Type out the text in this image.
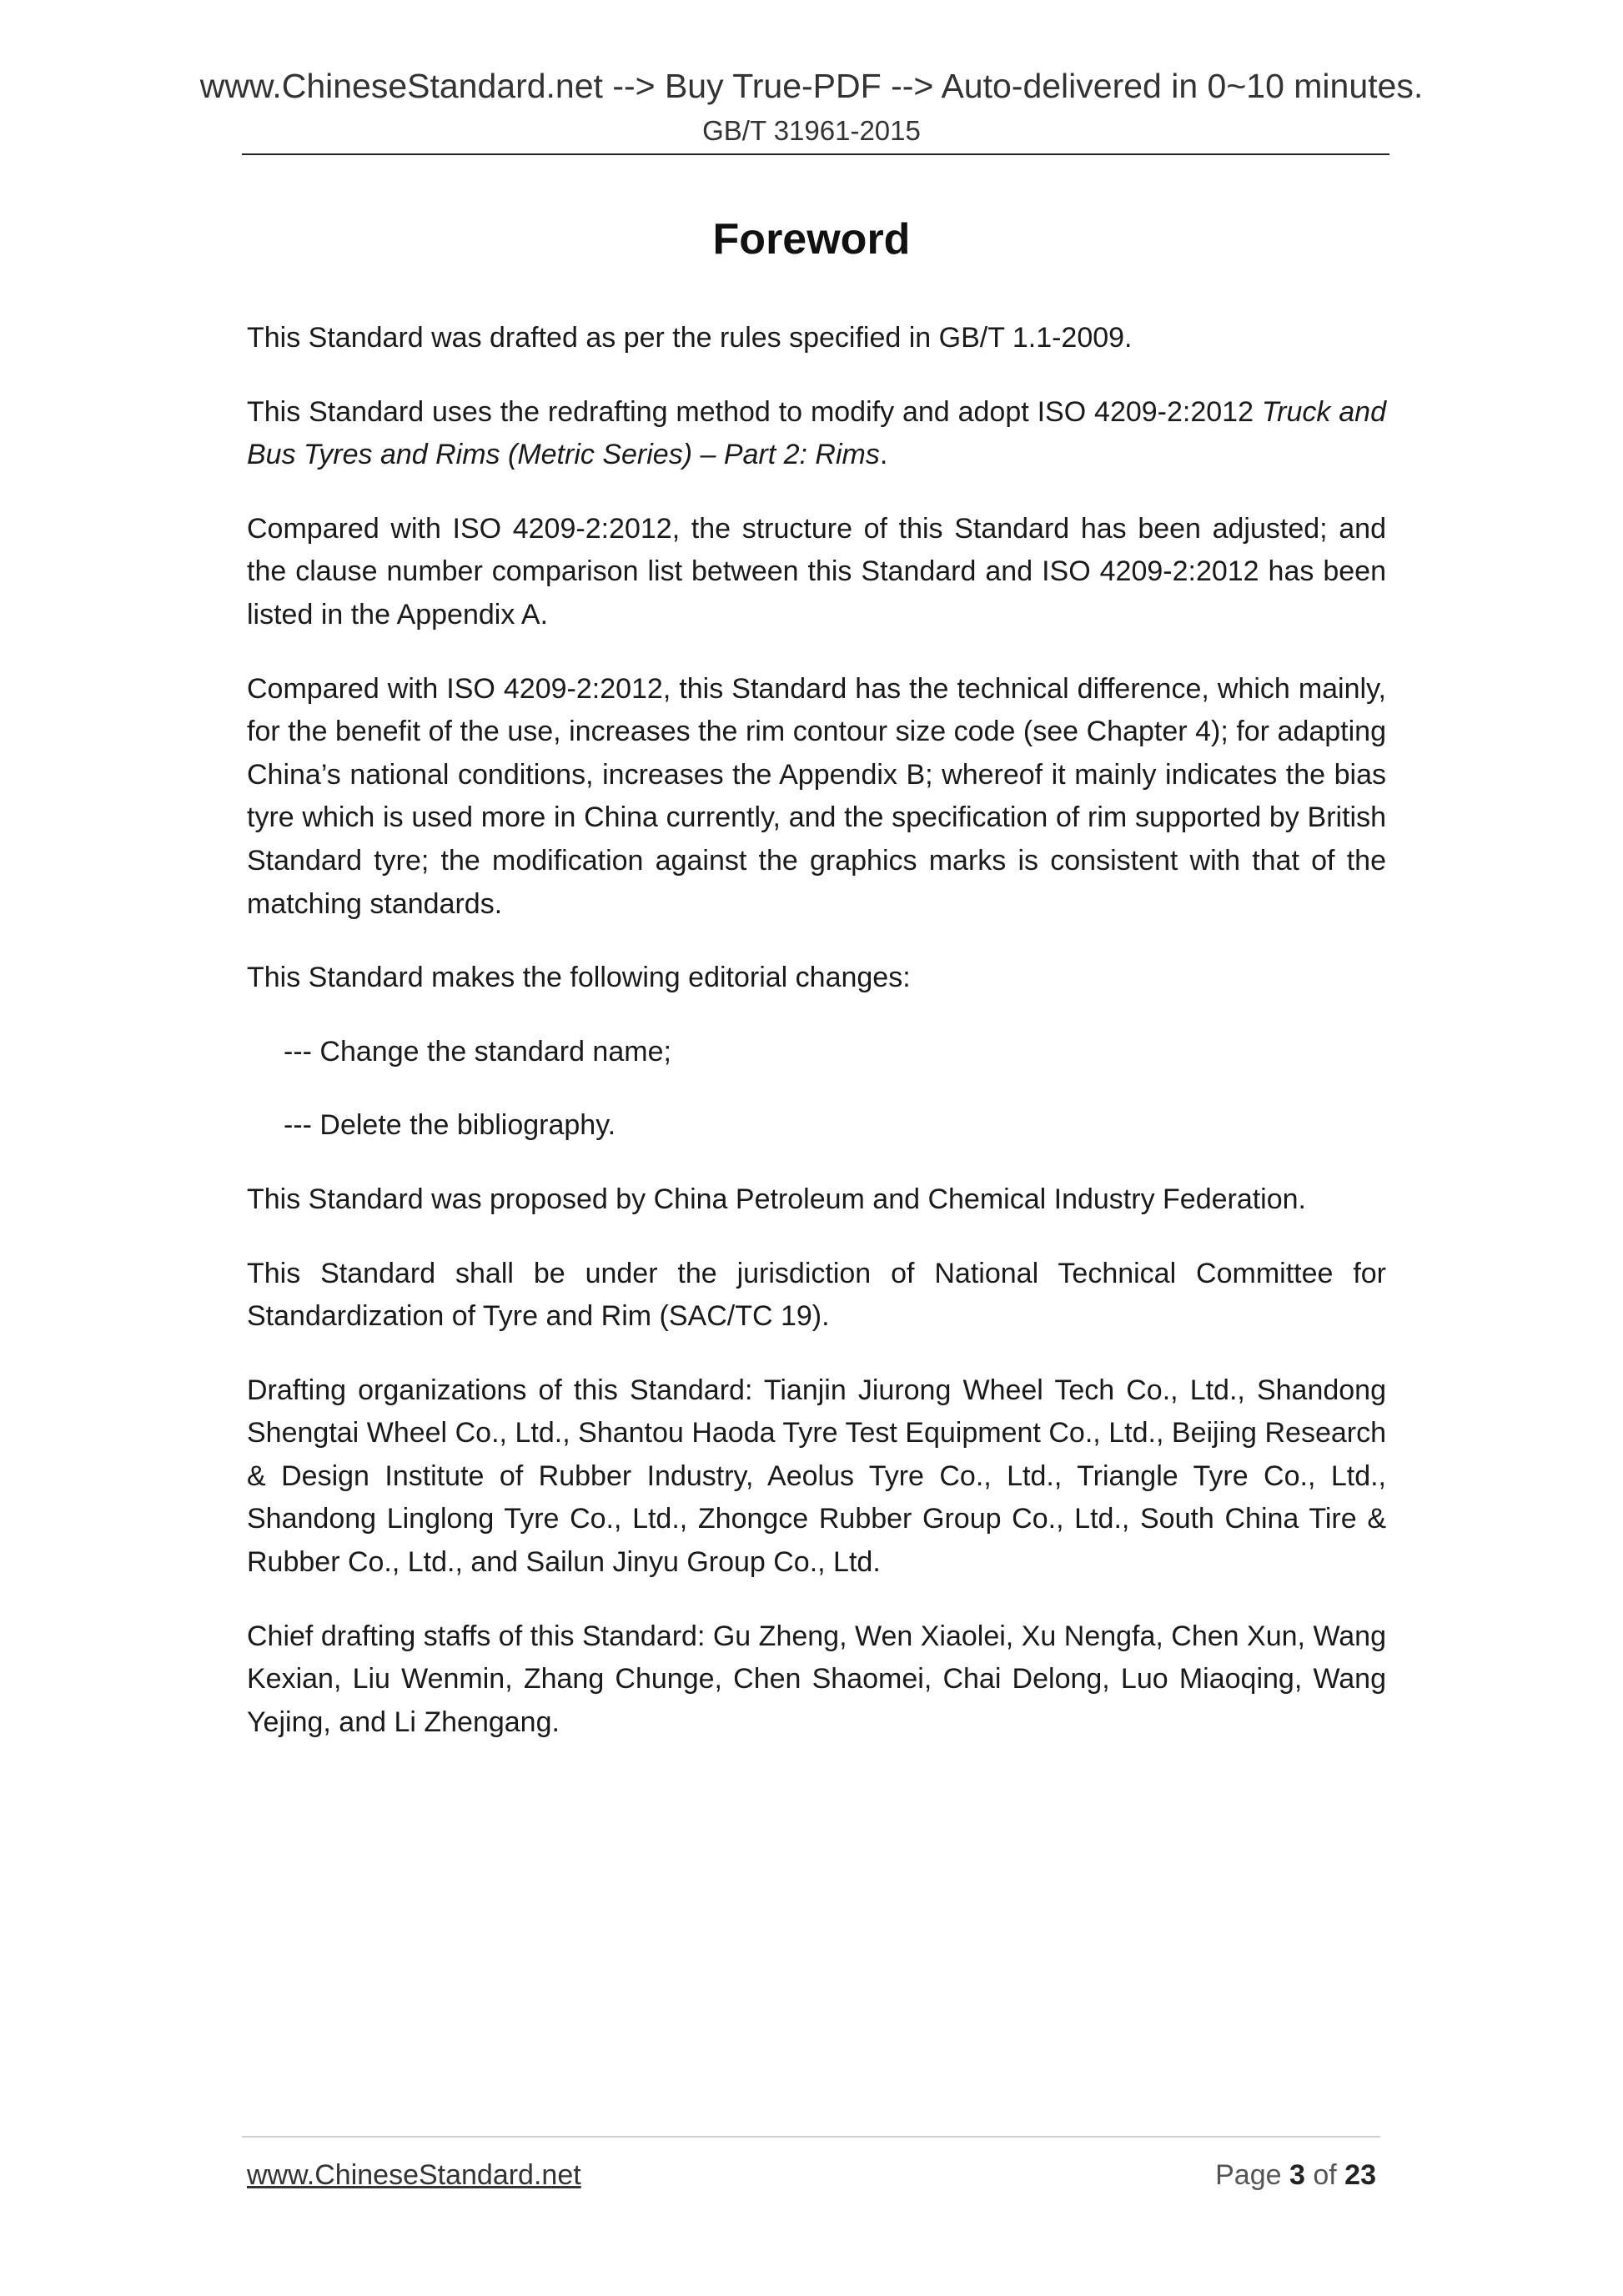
www.ChineseStandard.net --> Buy True-PDF --> Auto-delivered in 0~10 minutes.
GB/T 31961-2015
Foreword

This Standard was drafted as per the rules specified in GB/T 1.1-2009.

This Standard uses the redrafting method to modify and adopt ISO 4209-2:2012 Truck and Bus Tyres and Rims (Metric Series) – Part 2: Rims.

Compared with ISO 4209-2:2012, the structure of this Standard has been adjusted; and the clause number comparison list between this Standard and ISO 4209-2:2012 has been listed in the Appendix A.

Compared with ISO 4209-2:2012, this Standard has the technical difference, which mainly, for the benefit of the use, increases the rim contour size code (see Chapter 4); for adapting China’s national conditions, increases the Appendix B; whereof it mainly indicates the bias tyre which is used more in China currently, and the specification of rim supported by British Standard tyre; the modification against the graphics marks is consistent with that of the matching standards.

This Standard makes the following editorial changes:

--- Change the standard name;

--- Delete the bibliography.

This Standard was proposed by China Petroleum and Chemical Industry Federation.

This Standard shall be under the jurisdiction of National Technical Committee for Standardization of Tyre and Rim (SAC/TC 19).

Drafting organizations of this Standard: Tianjin Jiurong Wheel Tech Co., Ltd., Shandong Shengtai Wheel Co., Ltd., Shantou Haoda Tyre Test Equipment Co., Ltd., Beijing Research & Design Institute of Rubber Industry, Aeolus Tyre Co., Ltd., Triangle Tyre Co., Ltd., Shandong Linglong Tyre Co., Ltd., Zhongce Rubber Group Co., Ltd., South China Tire & Rubber Co., Ltd., and Sailun Jinyu Group Co., Ltd.

Chief drafting staffs of this Standard: Gu Zheng, Wen Xiaolei, Xu Nengfa, Chen Xun, Wang Kexian, Liu Wenmin, Zhang Chunge, Chen Shaomei, Chai Delong, Luo Miaoqing, Wang Yejing, and Li Zhengang.

www.ChineseStandard.net	Page 3 of 23
